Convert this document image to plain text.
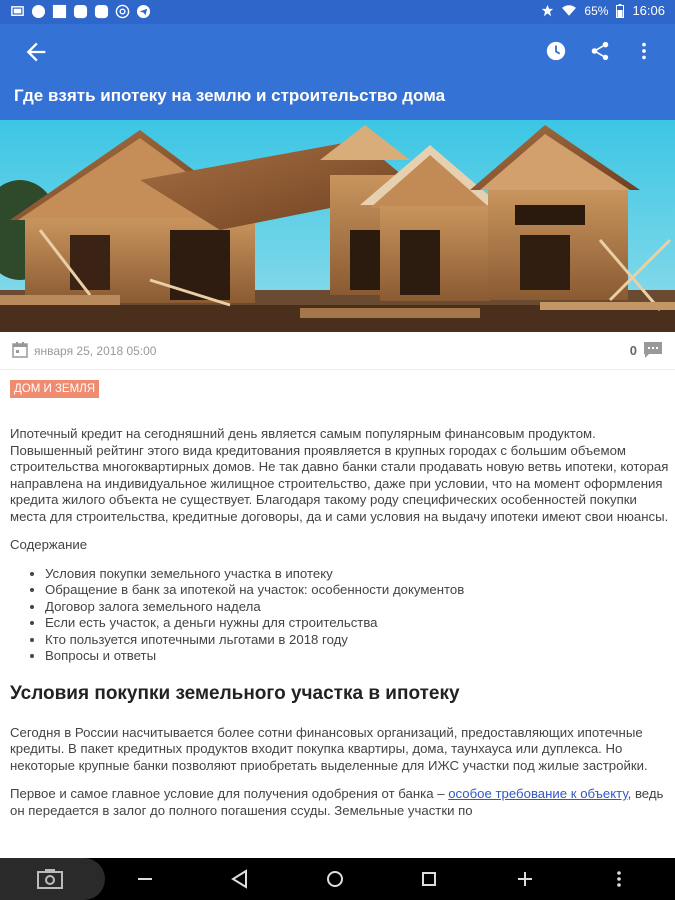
65% 16:06
Где взять ипотеку на землю и строительство дома
января 25, 2018 05:00	0
ДОМ И ЗЕМЛЯ

Ипотечный кредит на сегодняшний день является самым популярным финансовым продуктом. Повышенный рейтинг этого вида кредитования проявляется в крупных городах с большим объемом строительства многоквартирных домов. Не так давно банки стали продавать новую ветвь ипотеки, которая направлена на индивидуальное жилищное строительство, даже при условии, что на момент оформления кредита жилого объекта не существует. Благодаря такому роду специфических особенностей покупки места для строительства, кредитные договоры, да и сами условия на выдачу ипотеки имеют свои нюансы.

Содержание
• Условия покупки земельного участка в ипотеку
• Обращение в банк за ипотекой на участок: особенности документов
• Договор залога земельного надела
• Если есть участок, а деньги нужны для строительства
• Кто пользуется ипотечными льготами в 2018 году
• Вопросы и ответы
Условия покупки земельного участка в ипотеку

Сегодня в России насчитывается более сотни финансовых организаций, предоставляющих ипотечные кредиты. В пакет кредитных продуктов входит покупка квартиры, дома, таунхауса или дуплекса. Но некоторые крупные банки позволяют приобретать выделенные для ИЖС участки под жилые застройки.

Первое и самое главное условие для получения одобрения от банка – особое требование к объекту, ведь он передается в залог до полного погашения ссуды. Земельные участки по
